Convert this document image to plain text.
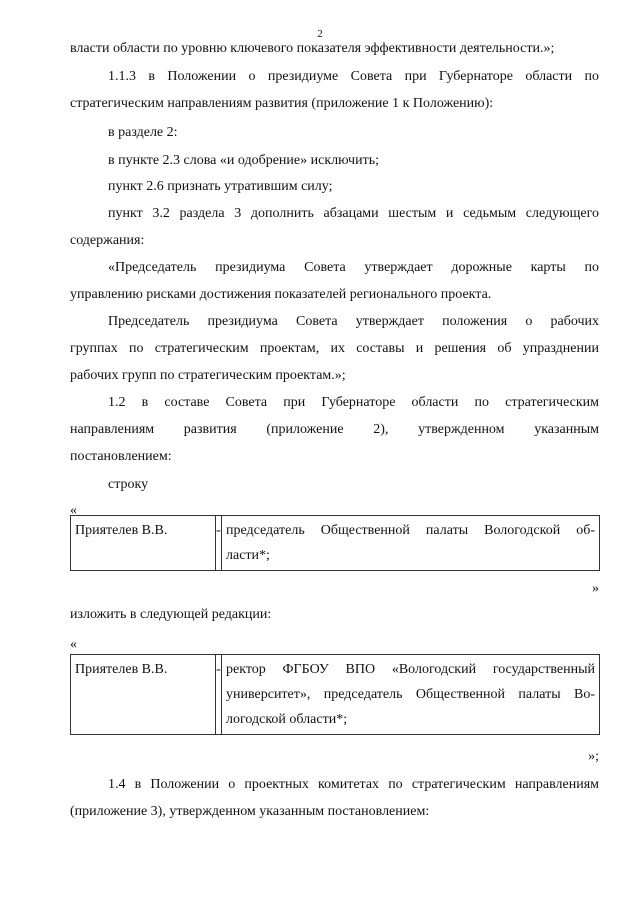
2
власти области по уровню ключевого показателя эффективности деятельности.»;
1.1.3 в Положении о президиуме Совета при Губернаторе области по
стратегическим направлениям развития (приложение 1 к Положению):
в разделе 2:
в пункте 2.3 слова «и одобрение» исключить;
пункт 2.6 признать утратившим силу;
пункт 3.2 раздела 3 дополнить абзацами шестым и седьмым следующего
содержания:
«Председатель президиума Совета утверждает дорожные карты по
управлению рисками достижения показателей регионального проекта.
Председатель президиума Совета утверждает положения о рабочих
группах по стратегическим проектам, их составы и решения об упразднении
рабочих групп по стратегическим проектам.»;
1.2 в составе Совета при Губернаторе области по стратегическим
направлениям развития (приложение 2), утвержденном указанным
постановлением:
строку
«
Приятелев В.В.	-	председатель Общественной палаты Вологодской об-
ласти*;
»
изложить в следующей редакции:
«
Приятелев В.В.	-	ректор ФГБОУ ВПО «Вологодский государственный
университет», председатель Общественной палаты Во-
логодской области*;
»;
1.4 в Положении о проектных комитетах по стратегическим направлениям
(приложение 3), утвержденном указанным постановлением:
